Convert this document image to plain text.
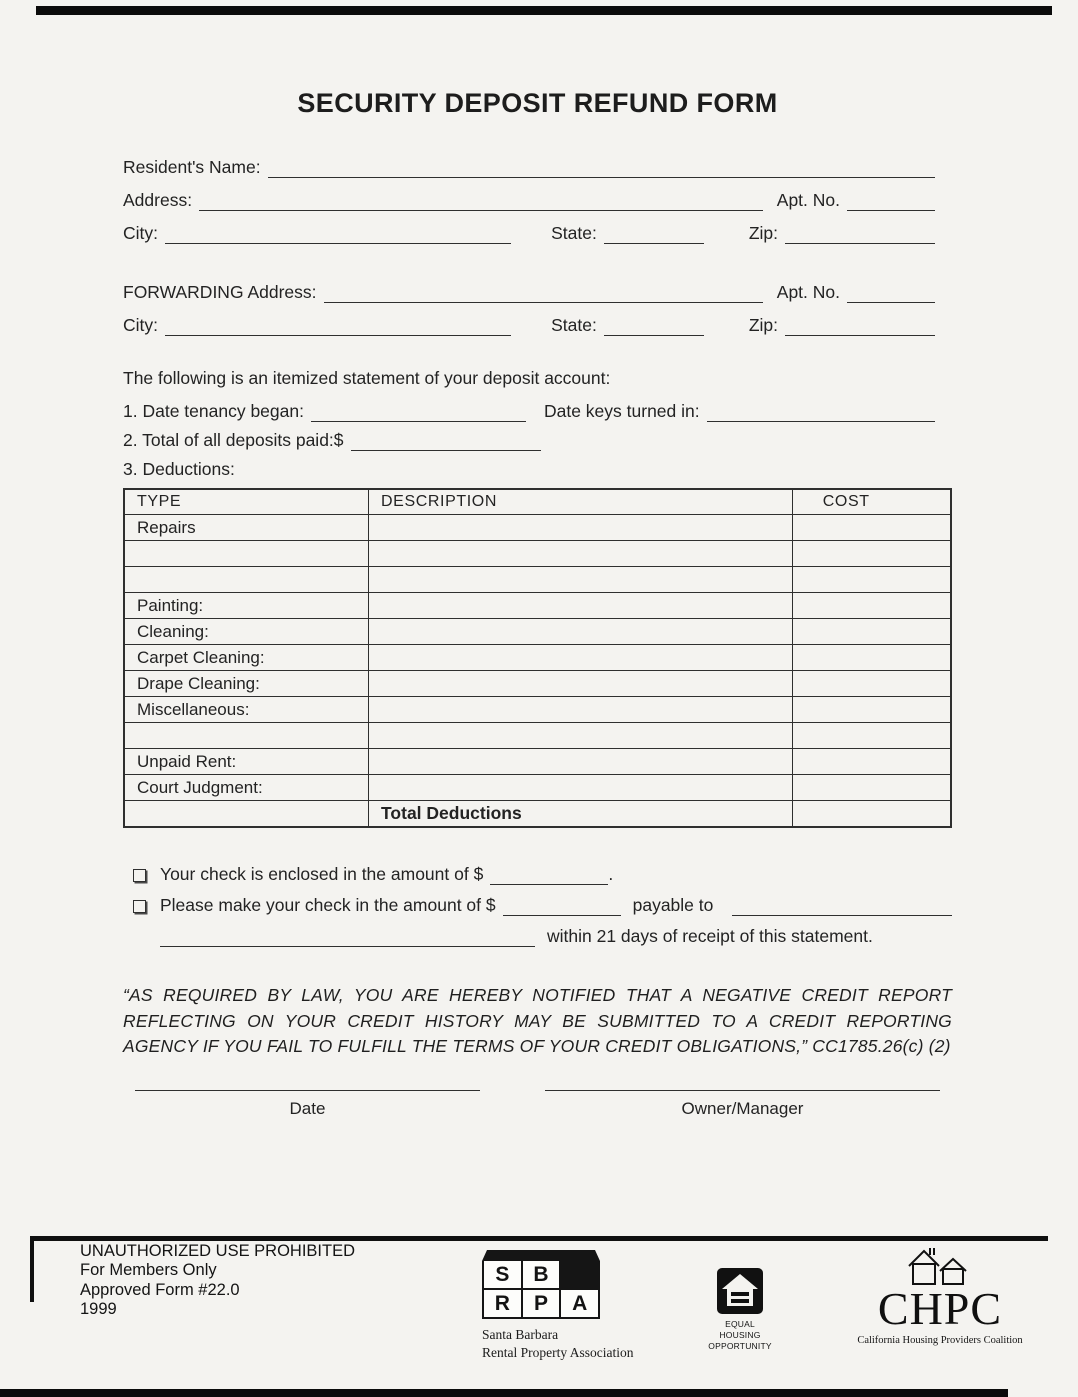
SECURITY DEPOSIT REFUND FORM
Resident's Name:
Address:	Apt. No.
City:	State:	Zip:
FORWARDING Address:	Apt. No.
City:	State:	Zip:
The following is an itemized statement of your deposit account:
1. Date tenancy began:	Date keys turned in:
2. Total of all deposits paid:$
3. Deductions:
TYPE	DESCRIPTION	COST
Repairs		

Painting:		
Cleaning:		
Carpet Cleaning:		
Drape Cleaning:		
Miscellaneous:		

Unpaid Rent:		
Court Judgment:		
	Total Deductions	
Your check is enclosed in the amount of $	.
Please make your check in the amount of $	payable to
within 21 days of receipt of this statement.
“AS REQUIRED BY LAW, YOU ARE HEREBY NOTIFIED THAT A NEGATIVE CREDIT REPORT REFLECTING ON YOUR CREDIT HISTORY MAY BE SUBMITTED TO A CREDIT REPORTING AGENCY IF YOU FAIL TO FULFILL THE TERMS OF YOUR CREDIT OBLIGATIONS,” CC1785.26(c) (2)
Date	Owner/Manager
UNAUTHORIZED USE PROHIBITED
For Members Only
Approved Form #22.0
1999
S	B
R	P	A
Santa Barbara
Rental Property Association
EQUAL HOUSING
OPPORTUNITY
CHPC
California Housing Providers Coalition
